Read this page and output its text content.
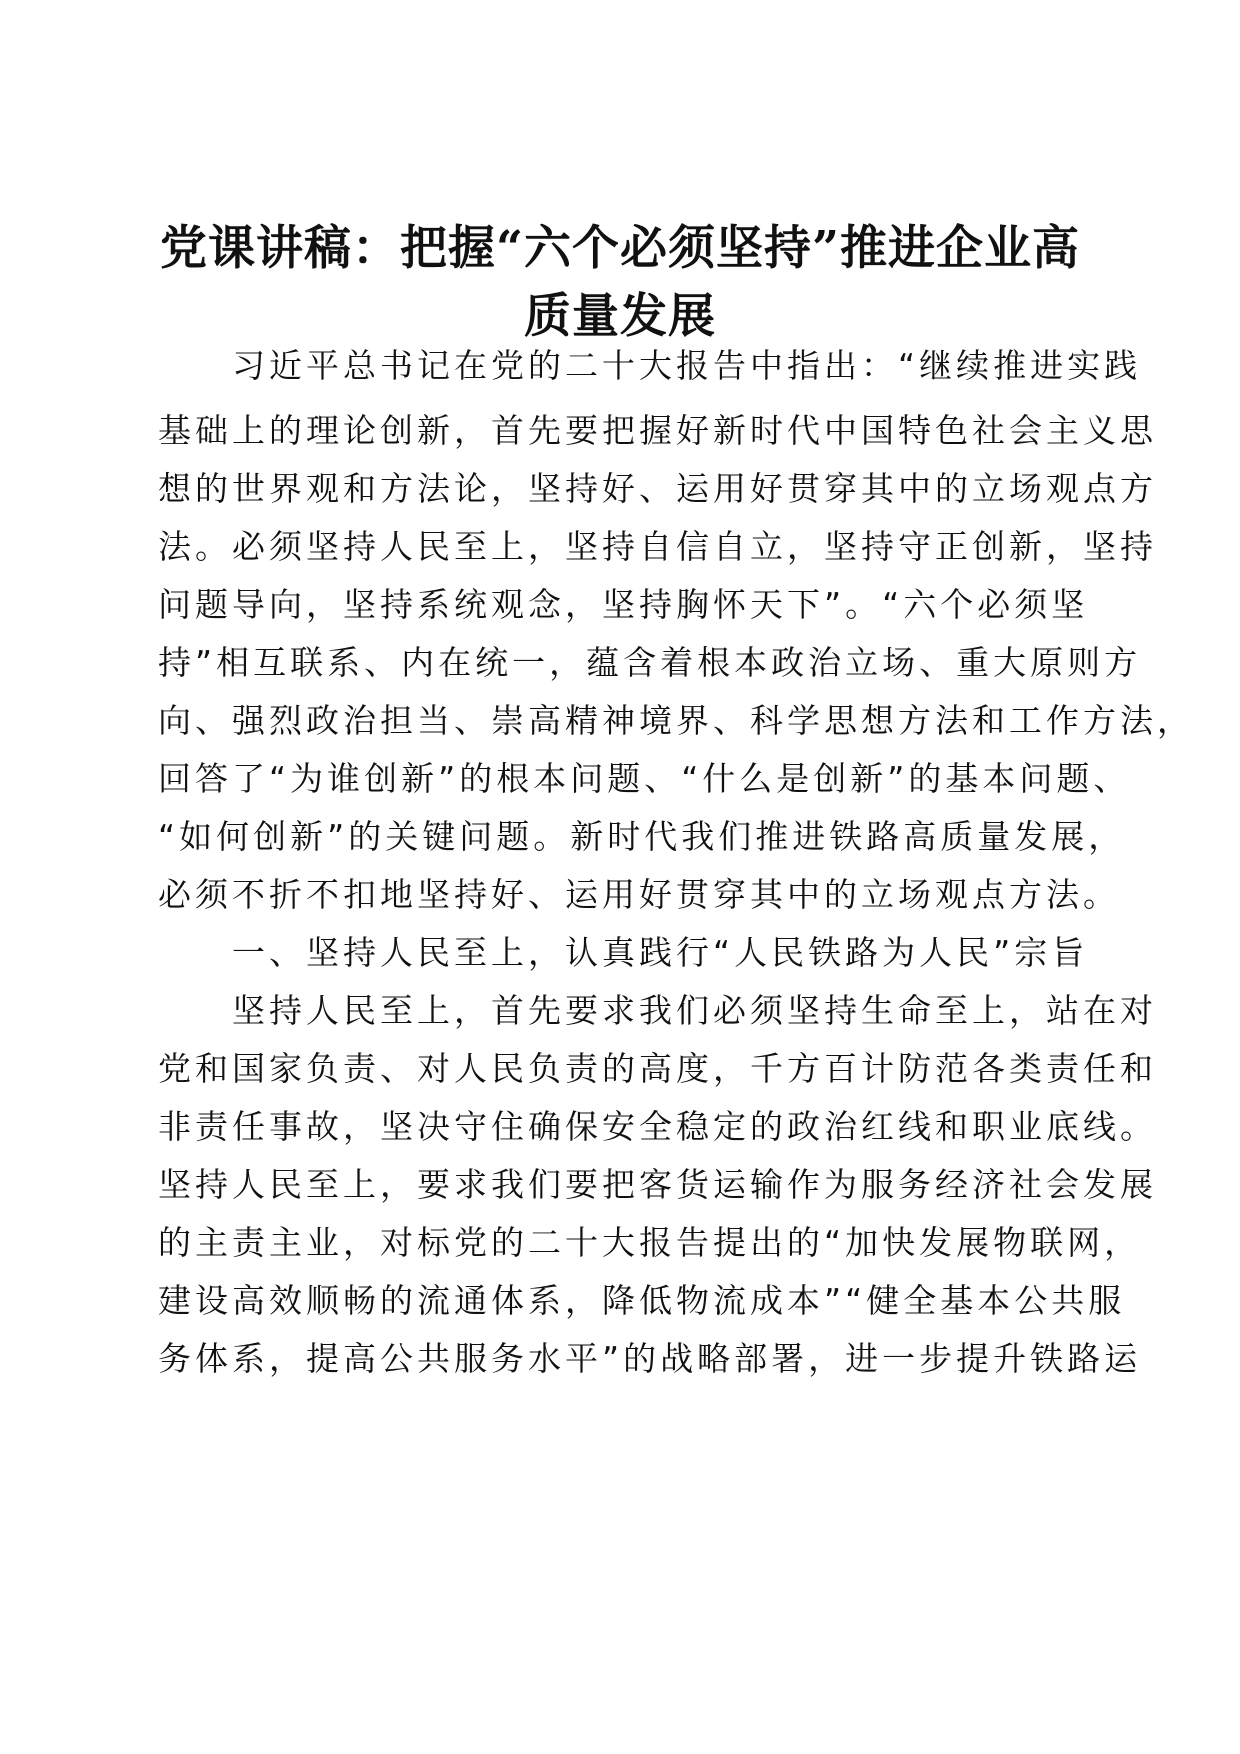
党课讲稿：把握“六个必须坚持”推进企业高
质量发展
　　习近平总书记在党的二十大报告中指出：“继续推进实践
基础上的理论创新，首先要把握好新时代中国特色社会主义思
想的世界观和方法论，坚持好、运用好贯穿其中的立场观点方
法。必须坚持人民至上，坚持自信自立，坚持守正创新，坚持
问题导向，坚持系统观念，坚持胸怀天下”。“六个必须坚
持”相互联系、内在统一，蕴含着根本政治立场、重大原则方
向、强烈政治担当、崇高精神境界、科学思想方法和工作方法，
回答了“为谁创新”的根本问题、“什么是创新”的基本问题、
“如何创新”的关键问题。新时代我们推进铁路高质量发展，
必须不折不扣地坚持好、运用好贯穿其中的立场观点方法。
　　一、坚持人民至上，认真践行“人民铁路为人民”宗旨
　　坚持人民至上，首先要求我们必须坚持生命至上，站在对
党和国家负责、对人民负责的高度，千方百计防范各类责任和
非责任事故，坚决守住确保安全稳定的政治红线和职业底线。
坚持人民至上，要求我们要把客货运输作为服务经济社会发展
的主责主业，对标党的二十大报告提出的“加快发展物联网，
建设高效顺畅的流通体系，降低物流成本”“健全基本公共服
务体系，提高公共服务水平”的战略部署，进一步提升铁路运
